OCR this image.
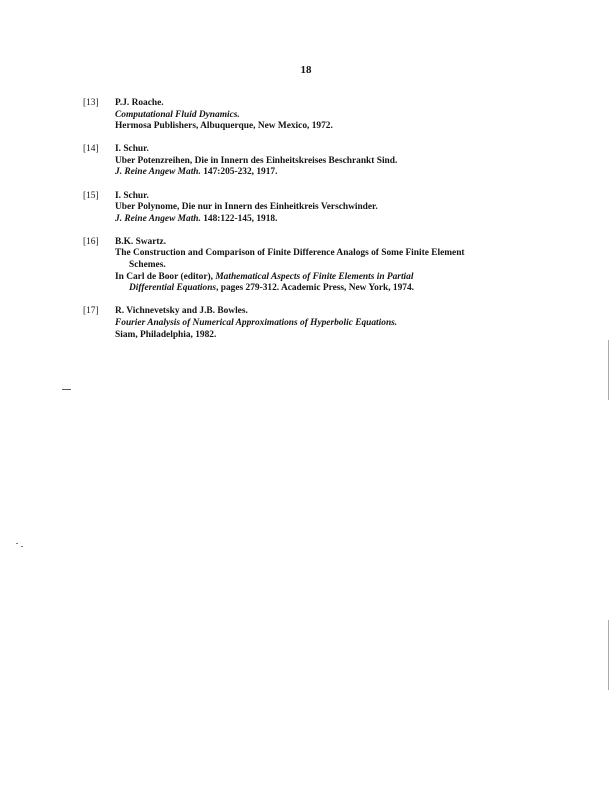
18
[13]	P.J. Roache.
Computational Fluid Dynamics.
Hermosa Publishers, Albuquerque, New Mexico, 1972.
[14]	I. Schur.
Uber Potenzreihen, Die in Innern des Einheitskreises Beschrankt Sind.
J. Reine Angew Math. 147:205-232, 1917.
[15]	I. Schur.
Uber Polynome, Die nur in Innern des Einheitkreis Verschwinder.
J. Reine Angew Math. 148:122-145, 1918.
[16]	B.K. Swartz.
The Construction and Comparison of Finite Difference Analogs of Some Finite Element
Schemes.
In Carl de Boor (editor), Mathematical Aspects of Finite Elements in Partial
Differential Equations, pages 279-312. Academic Press, New York, 1974.
[17]	R. Vichnevetsky and J.B. Bowles.
Fourier Analysis of Numerical Approximations of Hyperbolic Equations.
Siam, Philadelphia, 1982.
